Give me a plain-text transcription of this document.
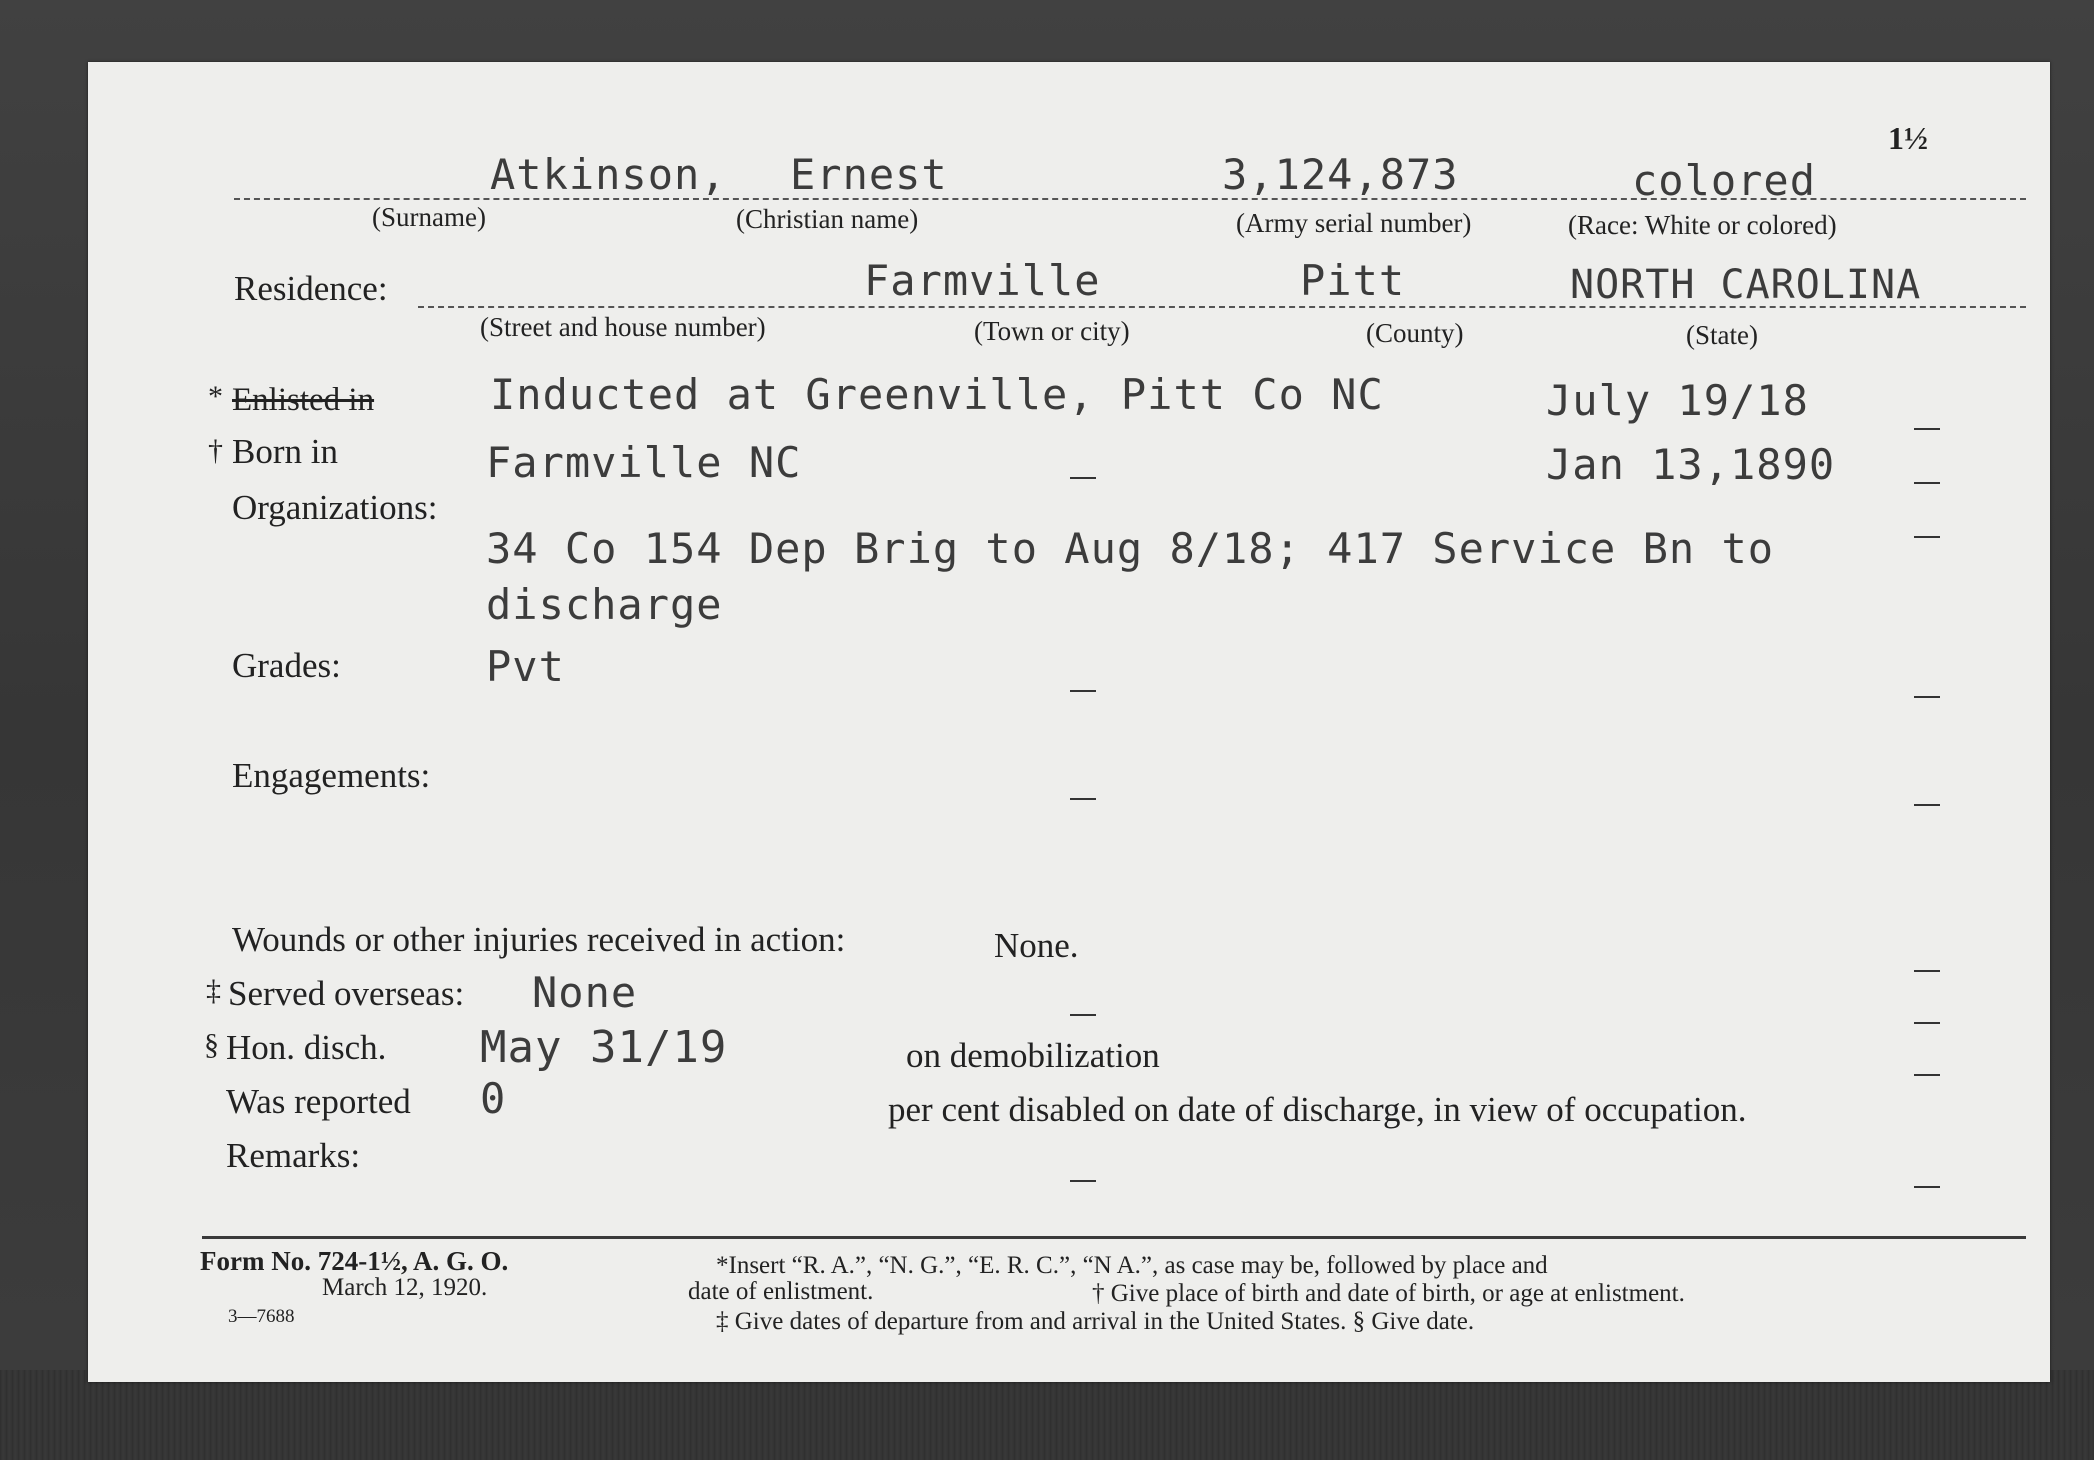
1½
Atkinson, Ernest	3,124,873	colored
(Surname)	(Christian name)	(Army serial number)	(Race: White or colored)
Residence:	Farmville	Pitt	NORTH CAROLINA
(Street and house number)	(Town or city)	(County)	(State)
* Enlisted in	Inducted at Greenville, Pitt Co NC	July 19/18
† Born in	Farmville NC	Jan 13,1890
Organizations:
34 Co 154 Dep Brig to Aug 8/18; 417 Service Bn to
discharge
Grades:	Pvt
Engagements:
Wounds or other injuries received in action:	None.
‡ Served overseas: None
§ Hon. disch. May 31/19	on demobilization
Was reported 0	per cent disabled on date of discharge, in view of occupation.
Remarks:
Form No. 724-1½, A. G. O.
March 12, 1920.
3—7688
*Insert “R. A.”, “N. G.”, “E. R. C.”, “N A.”, as case may be, followed by place and
date of enlistment.	† Give place of birth and date of birth, or age at enlistment.
‡ Give dates of departure from and arrival in the United States. § Give date.
